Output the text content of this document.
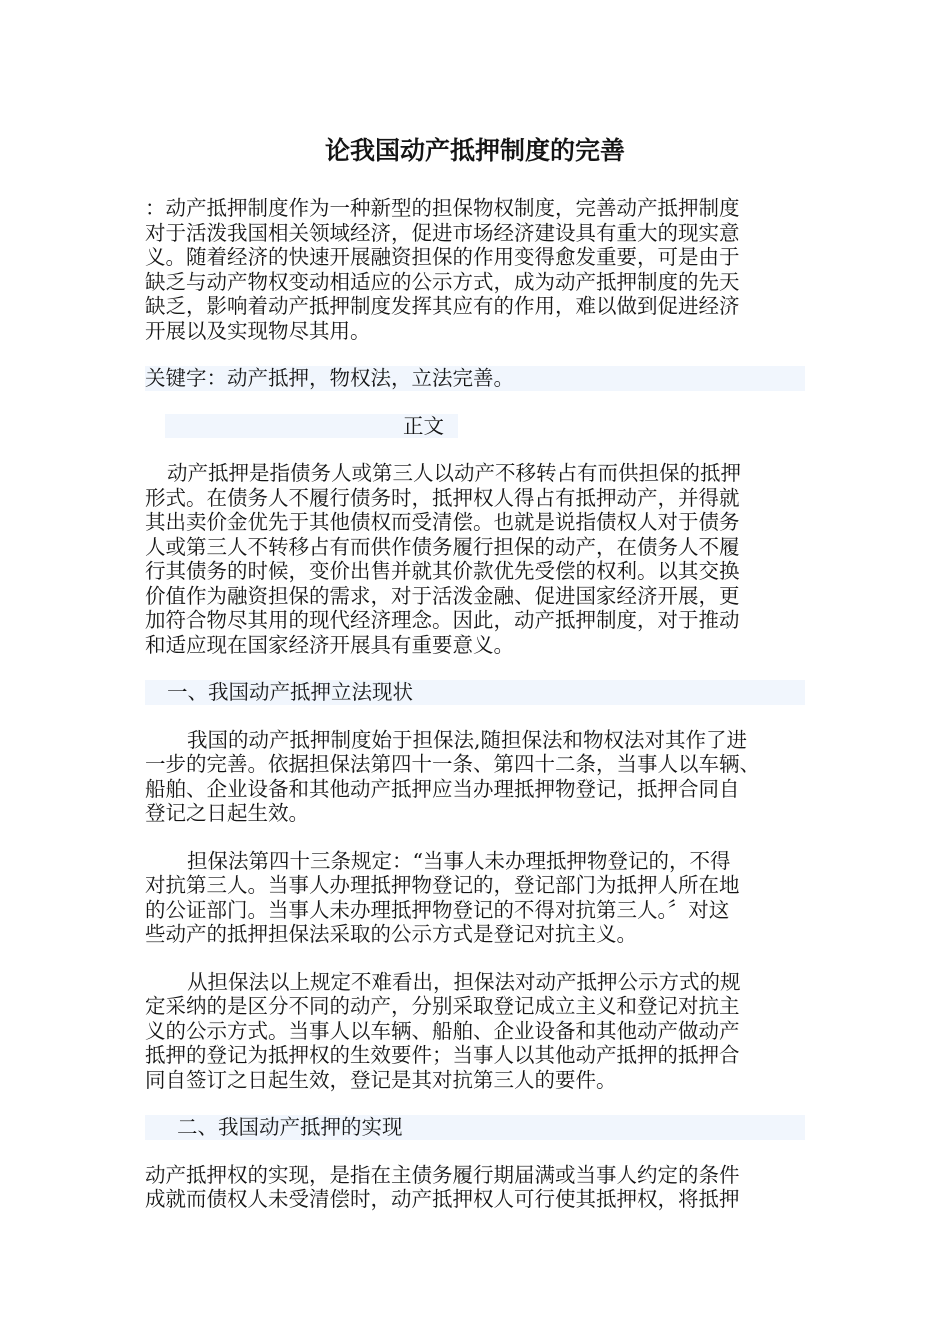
论我国动产抵押制度的完善

：动产抵押制度作为一种新型的担保物权制度，完善动产抵押制度
对于活泼我国相关领域经济，促进市场经济建设具有重大的现实意
义。随着经济的快速开展融资担保的作用变得愈发重要，可是由于
缺乏与动产物权变动相适应的公示方式，成为动产抵押制度的先天
缺乏，影响着动产抵押制度发挥其应有的作用，难以做到促进经济
开展以及实现物尽其用。

关键字：动产抵押，物权法，立法完善。

正文

动产抵押是指债务人或第三人以动产不移转占有而供担保的抵押
形式。在债务人不履行债务时，抵押权人得占有抵押动产，并得就
其出卖价金优先于其他债权而受清偿。也就是说指债权人对于债务
人或第三人不转移占有而供作债务履行担保的动产，在债务人不履
行其债务的时候，变价出售并就其价款优先受偿的权利。以其交换
价值作为融资担保的需求，对于活泼金融、促进国家经济开展，更
加符合物尽其用的现代经济理念。因此，动产抵押制度，对于推动
和适应现在国家经济开展具有重要意义。

一、我国动产抵押立法现状

我国的动产抵押制度始于担保法,随担保法和物权法对其作了进
一步的完善。依据担保法第四十一条、第四十二条，当事人以车辆、
船舶、企业设备和其他动产抵押应当办理抵押物登记，抵押合同自
登记之日起生效。

担保法第四十三条规定：“当事人未办理抵押物登记的，不得
对抗第三人。当事人办理抵押物登记的，登记部门为抵押人所在地
的公证部门。当事人未办理抵押物登记的不得对抗第三人。〞对这
些动产的抵押担保法采取的公示方式是登记对抗主义。

从担保法以上规定不难看出，担保法对动产抵押公示方式的规
定采纳的是区分不同的动产，分别采取登记成立主义和登记对抗主
义的公示方式。当事人以车辆、船舶、企业设备和其他动产做动产
抵押的登记为抵押权的生效要件；当事人以其他动产抵押的抵押合
同自签订之日起生效，登记是其对抗第三人的要件。

二、我国动产抵押的实现

动产抵押权的实现，是指在主债务履行期届满或当事人约定的条件
成就而债权人未受清偿时，动产抵押权人可行使其抵押权，将抵押
